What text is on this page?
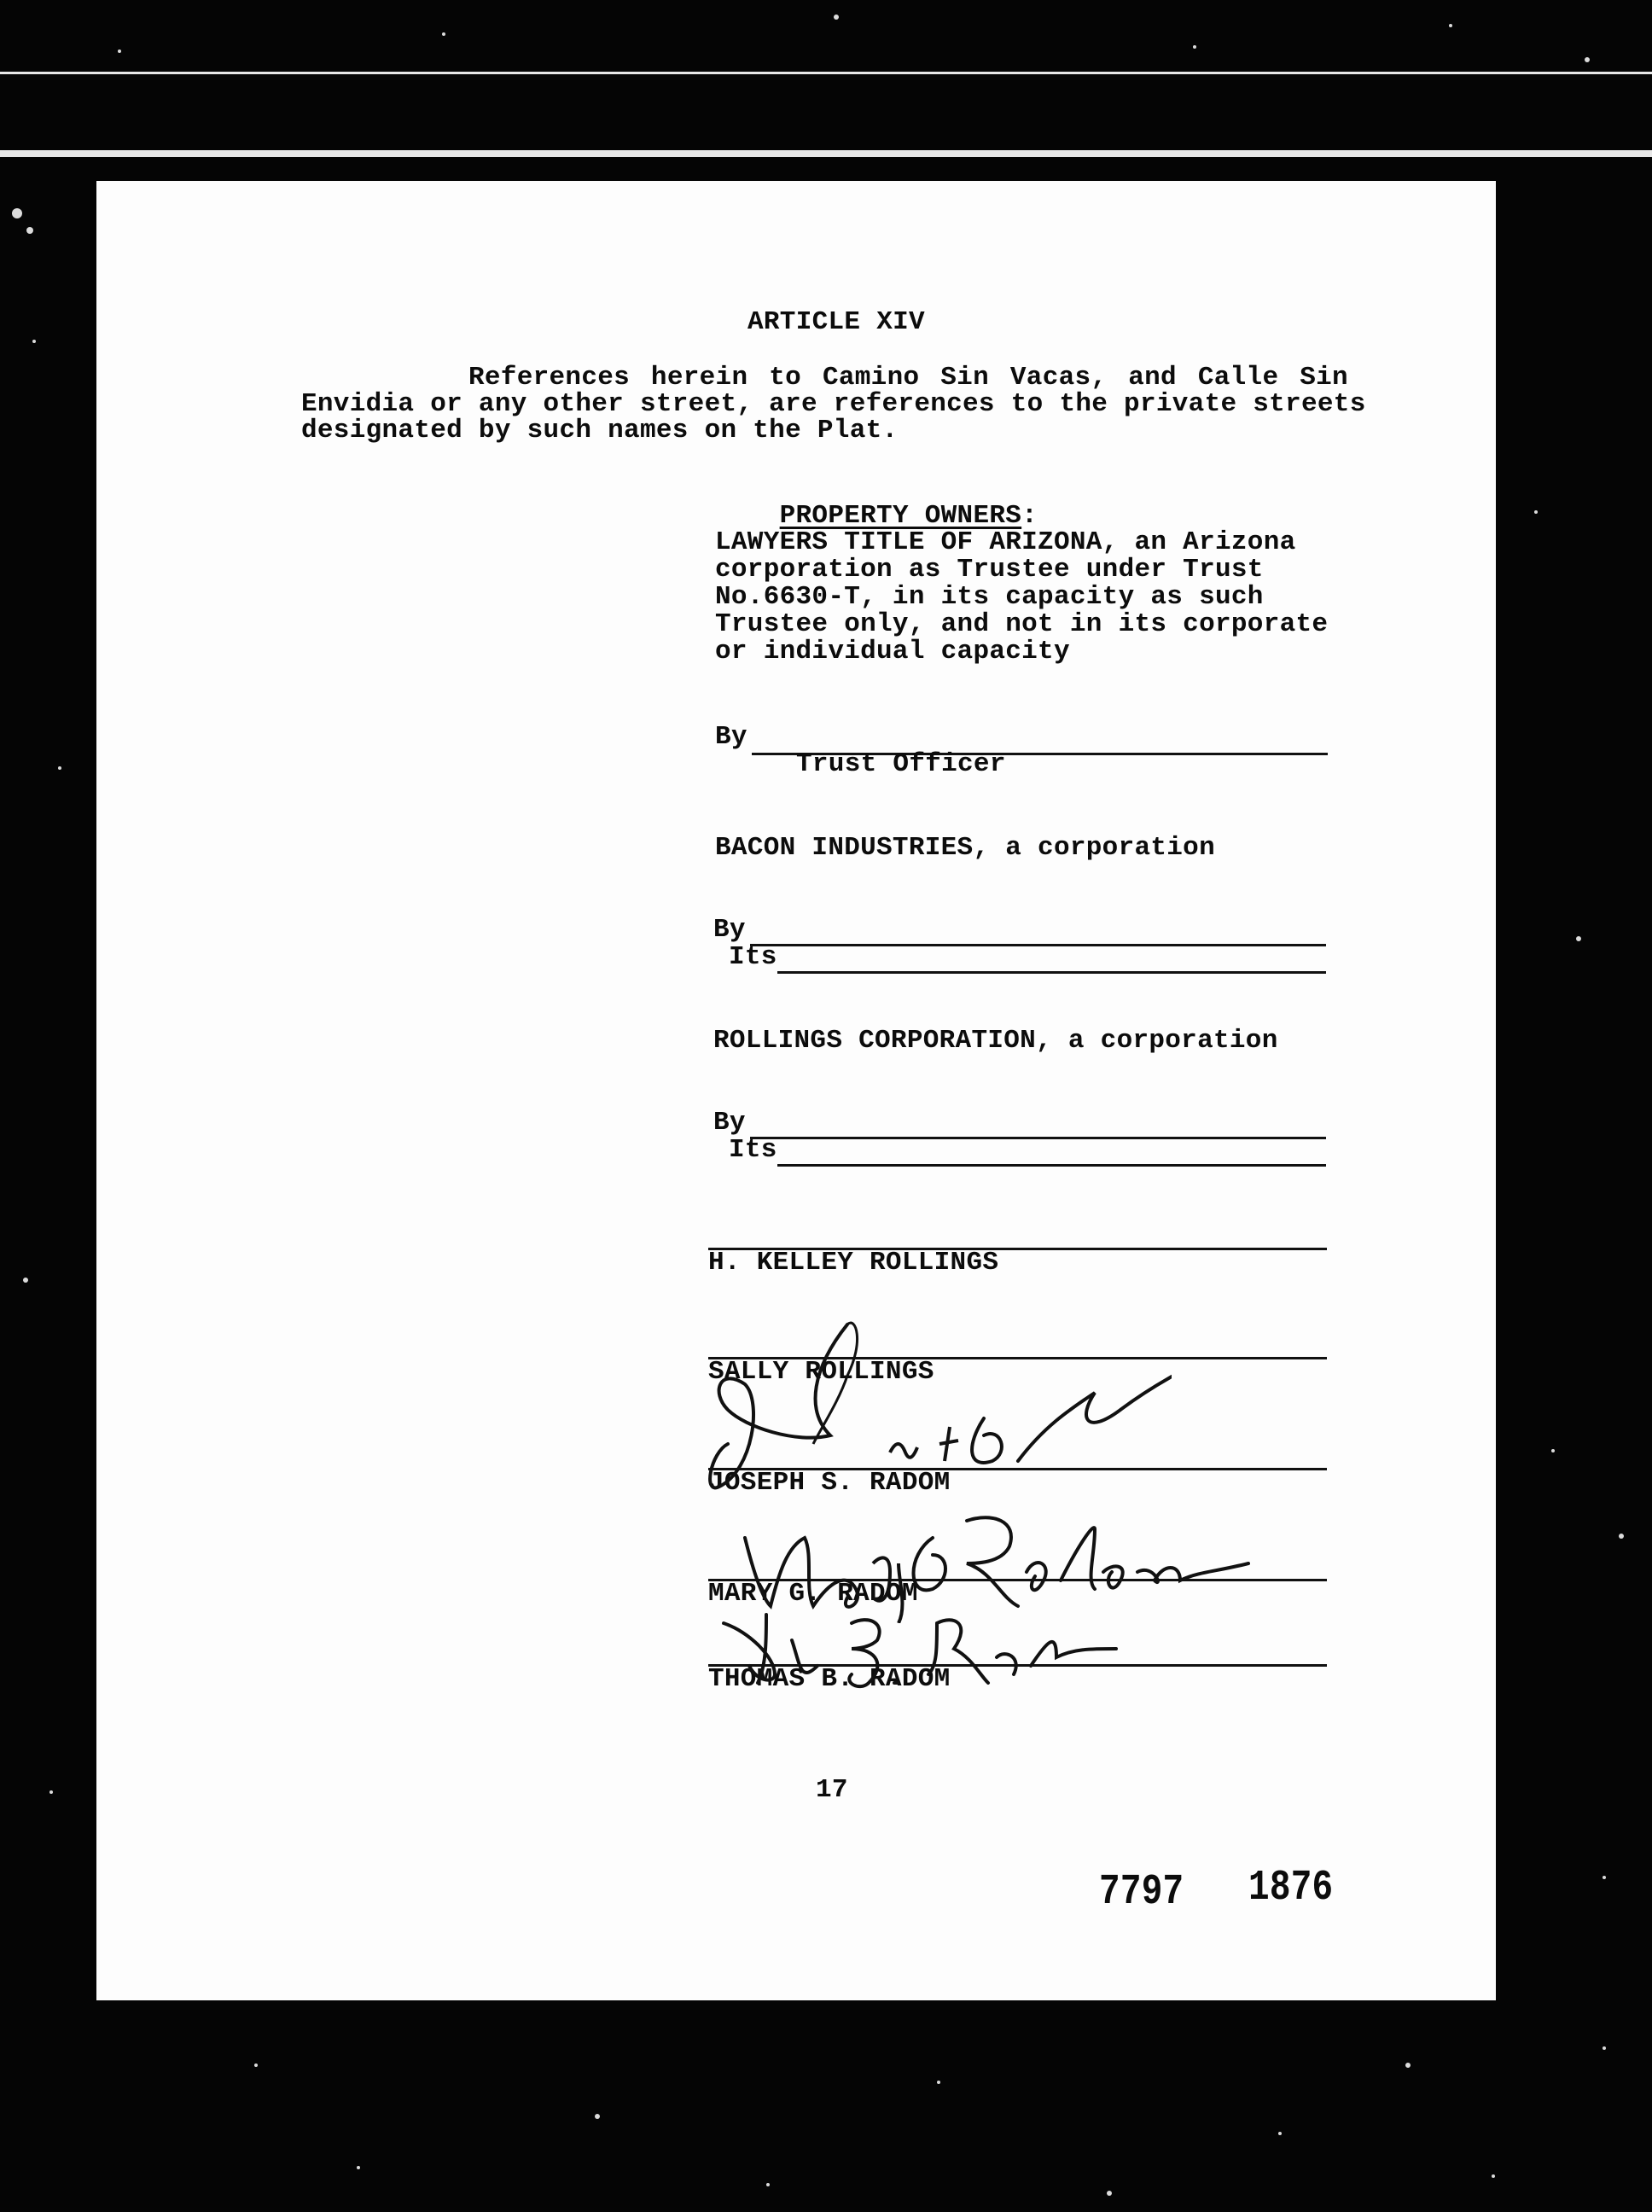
ARTICLE XIV
References herein to Camino Sin Vacas, and Calle Sin
Envidia or any other street, are references to the private streets
designated by such names on the Plat.

PROPERTY OWNERS:

LAWYERS TITLE OF ARIZONA, an Arizona
corporation as Trustee under Trust
No.6630-T, in its capacity as such
Trustee only, and not in its corporate
or individual capacity
By
Trust Officer
BACON INDUSTRIES, a corporation
By
Its
ROLLINGS CORPORATION, a corporation
By
Its
H. KELLEY ROLLINGS
SALLY ROLLINGS
JOSEPH S. RADOM
MARY G. RADOM
THOMAS B. RADOM
17
7797 1876
